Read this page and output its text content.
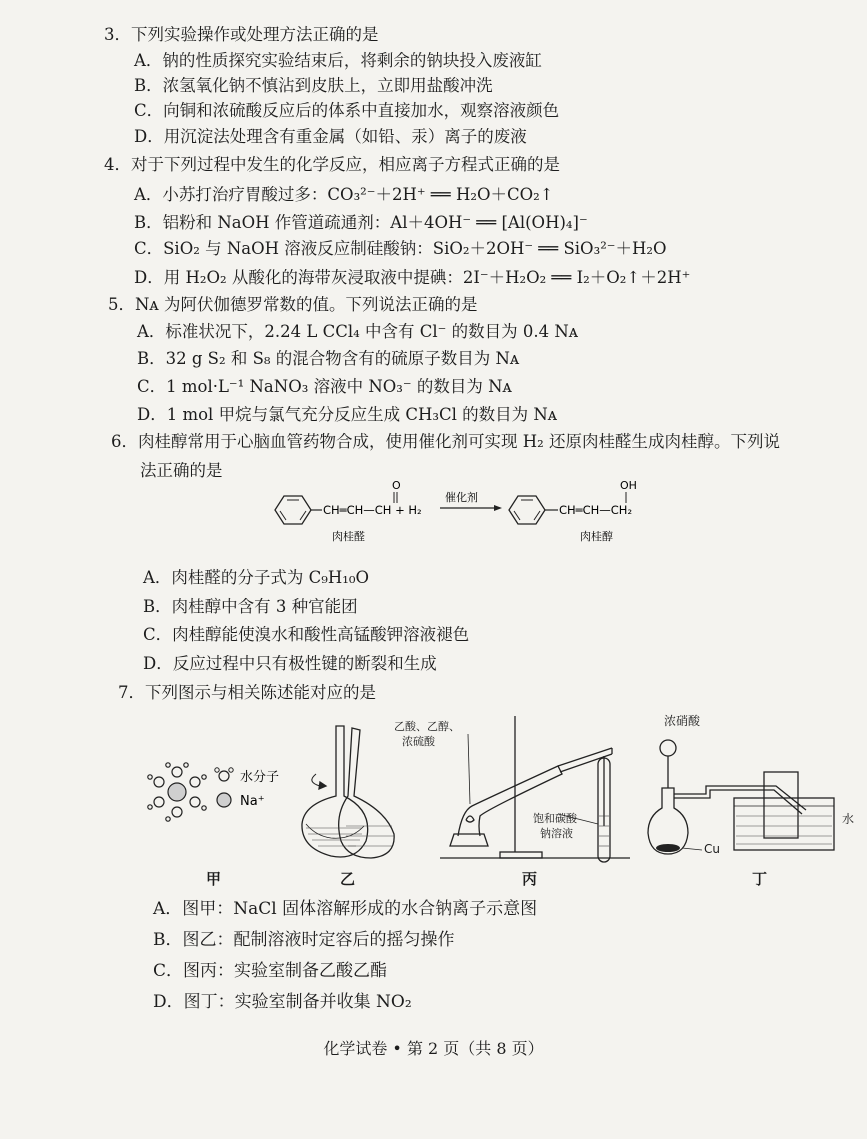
3．下列实验操作或处理方法正确的是
A．钠的性质探究实验结束后，将剩余的钠块投入废液缸
B．浓氢氧化钠不慎沾到皮肤上，立即用盐酸冲洗
C．向铜和浓硫酸反应后的体系中直接加水，观察溶液颜色
D．用沉淀法处理含有重金属（如铅、汞）离子的废液
4．对于下列过程中发生的化学反应，相应离子方程式正确的是
A．小苏打治疗胃酸过多：CO₃²⁻＋2H⁺ ══ H₂O＋CO₂↑
B．铝粉和 NaOH 作管道疏通剂：Al＋4OH⁻ ══ [Al(OH)₄]⁻
C．SiO₂ 与 NaOH 溶液反应制硅酸钠：SiO₂＋2OH⁻ ══ SiO₃²⁻＋H₂O
D．用 H₂O₂ 从酸化的海带灰浸取液中提碘：2I⁻＋H₂O₂ ══ I₂＋O₂↑＋2H⁺
5．Nᴀ 为阿伏伽德罗常数的值。下列说法正确的是
A．标准状况下，2.24 L CCl₄ 中含有 Cl⁻ 的数目为 0.4 Nᴀ
B．32 g S₂ 和 S₈ 的混合物含有的硫原子数目为 Nᴀ
C．1 mol·L⁻¹ NaNO₃ 溶液中 NO₃⁻ 的数目为 Nᴀ
D．1 mol 甲烷与氯气充分反应生成 CH₃Cl 的数目为 Nᴀ
6．肉桂醇常用于心脑血管药物合成，使用催化剂可实现 H₂ 还原肉桂醛生成肉桂醇。下列说
法正确的是
CH═CH—CH + H₂
O
催化剂
CH═CH—CH₂
OH
肉桂醛	肉桂醇
A．肉桂醛的分子式为 C₉H₁₀O
B．肉桂醇中含有 3 种官能团
C．肉桂醇能使溴水和酸性高锰酸钾溶液褪色
D．反应过程中只有极性键的断裂和生成
7．下列图示与相关陈述能对应的是
水分子
Na⁺
乙酸、乙醇、
浓硫酸
饱和碳酸
钠溶液
浓硝酸
Cu
水
甲	乙	丙	丁
A．图甲：NaCl 固体溶解形成的水合钠离子示意图
B．图乙：配制溶液时定容后的摇匀操作
C．图丙：实验室制备乙酸乙酯
D．图丁：实验室制备并收集 NO₂
化学试卷 • 第 2 页（共 8 页）
